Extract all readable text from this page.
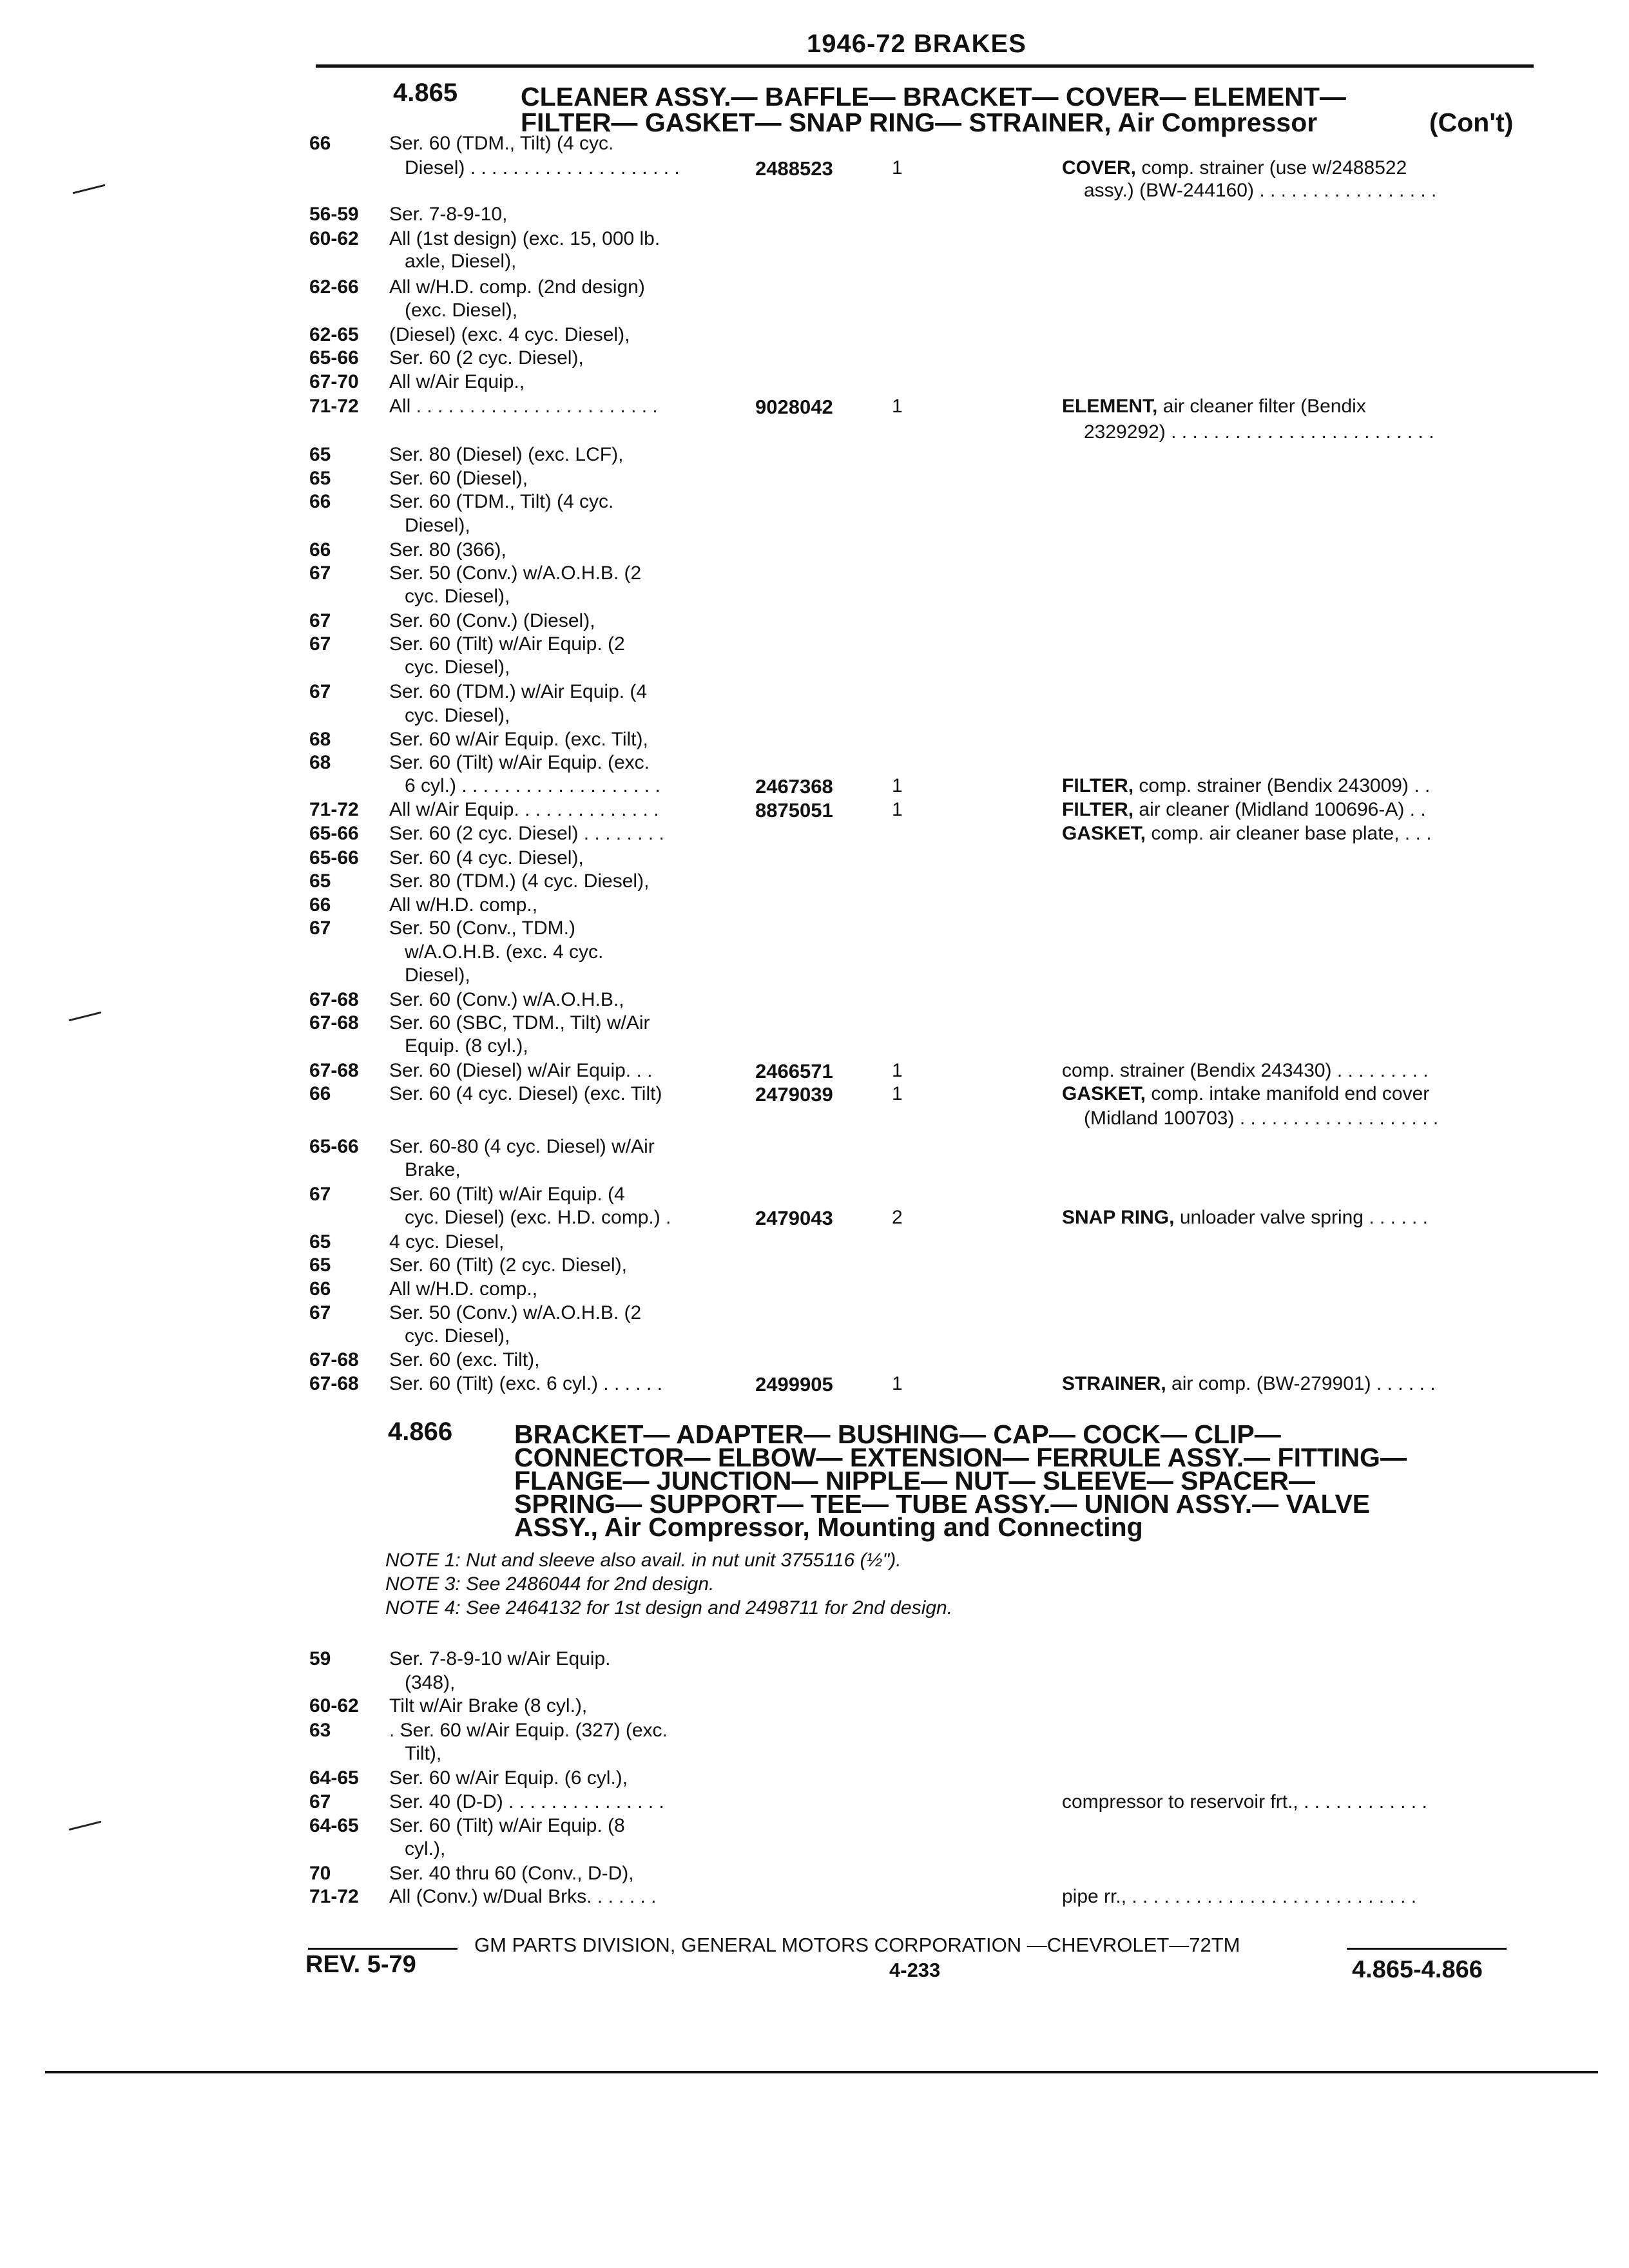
1946-72 BRAKES
4.865 CLEANER ASSY.— BAFFLE— BRACKET— COVER— ELEMENT—
FILTER— GASKET— SNAP RING— STRAINER, Air Compressor	(Con't)
66	Ser. 60 (TDM., Tilt) (4 cyc.
Diesel) . . . . . . . . . . . . . . . . . . . .	2488523	1	COVER, comp. strainer (use w/2488522
assy.) (BW-244160) . . . . . . . . . . . . . . . . .
56-59 Ser. 7-8-9-10,
60-62 All (1st design) (exc. 15, 000 lb.
axle, Diesel),
62-66 All w/H.D. comp. (2nd design)
(exc. Diesel),
62-65 (Diesel) (exc. 4 cyc. Diesel),
65-66 Ser. 60 (2 cyc. Diesel),
67-70 All w/Air Equip.,
71-72 All . . . . . . . . . . . . . . . . . . . . . . .	9028042	1	ELEMENT, air cleaner filter (Bendix
2329292) . . . . . . . . . . . . . . . . . . . . . . . . .
65	Ser. 80 (Diesel) (exc. LCF),
65	Ser. 60 (Diesel),
66	Ser. 60 (TDM., Tilt) (4 cyc.
Diesel),
66	Ser. 80 (366),
67	Ser. 50 (Conv.) w/A.O.H.B. (2
cyc. Diesel),
67	Ser. 60 (Conv.) (Diesel),
67	Ser. 60 (Tilt) w/Air Equip. (2
cyc. Diesel),
67	Ser. 60 (TDM.) w/Air Equip. (4
cyc. Diesel),
68	Ser. 60 w/Air Equip. (exc. Tilt),
68	Ser. 60 (Tilt) w/Air Equip. (exc.
6 cyl.) . . . . . . . . . . . . . . . . . . .	2467368	1	FILTER, comp. strainer (Bendix 243009) . .
71-72 All w/Air Equip. . . . . . . . . . . . . .	8875051	1	FILTER, air cleaner (Midland 100696-A) . .
65-66 Ser. 60 (2 cyc. Diesel) . . . . . . . .	GASKET, comp. air cleaner base plate, . . .
65-66 Ser. 60 (4 cyc. Diesel),
65	Ser. 80 (TDM.) (4 cyc. Diesel),
66	All w/H.D. comp.,
67	Ser. 50 (Conv., TDM.)
w/A.O.H.B. (exc. 4 cyc.
Diesel),
67-68 Ser. 60 (Conv.) w/A.O.H.B.,
67-68 Ser. 60 (SBC, TDM., Tilt) w/Air
Equip. (8 cyl.),
67-68 Ser. 60 (Diesel) w/Air Equip. . .	2466571	1	comp. strainer (Bendix 243430) . . . . . . . . .
66	Ser. 60 (4 cyc. Diesel) (exc. Tilt)	2479039	1	GASKET, comp. intake manifold end cover
(Midland 100703) . . . . . . . . . . . . . . . . . . .
65-66 Ser. 60-80 (4 cyc. Diesel) w/Air
Brake,
67	Ser. 60 (Tilt) w/Air Equip. (4
cyc. Diesel) (exc. H.D. comp.) .	2479043	2	SNAP RING, unloader valve spring . . . . . .
65	4 cyc. Diesel,
65	Ser. 60 (Tilt) (2 cyc. Diesel),
66	All w/H.D. comp.,
67	Ser. 50 (Conv.) w/A.O.H.B. (2
cyc. Diesel),
67-68 Ser. 60 (exc. Tilt),
67-68 Ser. 60 (Tilt) (exc. 6 cyl.) . . . . . .	2499905	1	STRAINER, air comp. (BW-279901) . . . . . .
4.866 BRACKET— ADAPTER— BUSHING— CAP— COCK— CLIP—
CONNECTOR— ELBOW— EXTENSION— FERRULE ASSY.— FITTING—
FLANGE— JUNCTION— NIPPLE— NUT— SLEEVE— SPACER—
SPRING— SUPPORT— TEE— TUBE ASSY.— UNION ASSY.— VALVE
ASSY., Air Compressor, Mounting and Connecting
NOTE 1: Nut and sleeve also avail. in nut unit 3755116 (½").
NOTE 3: See 2486044 for 2nd design.
NOTE 4: See 2464132 for 1st design and 2498711 for 2nd design.
59	Ser. 7-8-9-10 w/Air Equip.
(348),
60-62 Tilt w/Air Brake (8 cyl.),
63	. Ser. 60 w/Air Equip. (327) (exc.
Tilt),
64-65 Ser. 60 w/Air Equip. (6 cyl.),
67	Ser. 40 (D-D) . . . . . . . . . . . . . . .	compressor to reservoir frt., . . . . . . . . . . . .
64-65 Ser. 60 (Tilt) w/Air Equip. (8
cyl.),
70	Ser. 40 thru 60 (Conv., D-D),
71-72 All (Conv.) w/Dual Brks. . . . . . .	pipe rr., . . . . . . . . . . . . . . . . . . . . . . . . . . .
GM PARTS DIVISION, GENERAL MOTORS CORPORATION —CHEVROLET—72TM
REV. 5-79	4-233	4.865-4.866
